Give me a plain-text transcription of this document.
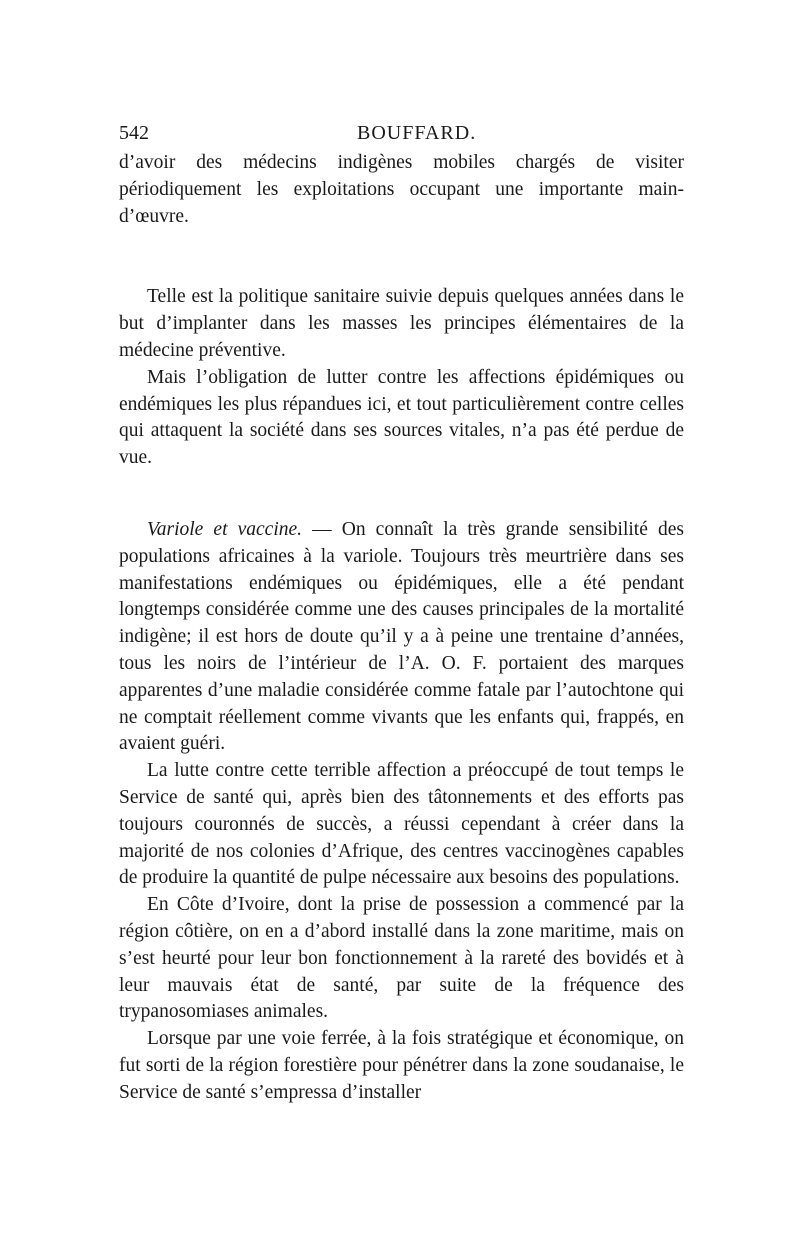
542	BOUFFARD.

d’avoir des médecins indigènes mobiles chargés de visiter périodiquement les exploitations occupant une importante main-d’œuvre.

Telle est la politique sanitaire suivie depuis quelques années dans le but d’implanter dans les masses les principes élémentaires de la médecine préventive.

Mais l’obligation de lutter contre les affections épidémiques ou endémiques les plus répandues ici, et tout particulièrement contre celles qui attaquent la société dans ses sources vitales, n’a pas été perdue de vue.

Variole et vaccine. — On connaît la très grande sensibilité des populations africaines à la variole. Toujours très meurtrière dans ses manifestations endémiques ou épidémiques, elle a été pendant longtemps considérée comme une des causes principales de la mortalité indigène; il est hors de doute qu’il y a à peine une trentaine d’années, tous les noirs de l’intérieur de l’A. O. F. portaient des marques apparentes d’une maladie considérée comme fatale par l’autochtone qui ne comptait réellement comme vivants que les enfants qui, frappés, en avaient guéri.

La lutte contre cette terrible affection a préoccupé de tout temps le Service de santé qui, après bien des tâtonnements et des efforts pas toujours couronnés de succès, a réussi cependant à créer dans la majorité de nos colonies d’Afrique, des centres vaccinogènes capables de produire la quantité de pulpe nécessaire aux besoins des populations.

En Côte d’Ivoire, dont la prise de possession a commencé par la région côtière, on en a d’abord installé dans la zone maritime, mais on s’est heurté pour leur bon fonctionnement à la rareté des bovidés et à leur mauvais état de santé, par suite de la fréquence des trypanosomiases animales.

Lorsque par une voie ferrée, à la fois stratégique et économique, on fut sorti de la région forestière pour pénétrer dans la zone soudanaise, le Service de santé s’empressa d’installer
